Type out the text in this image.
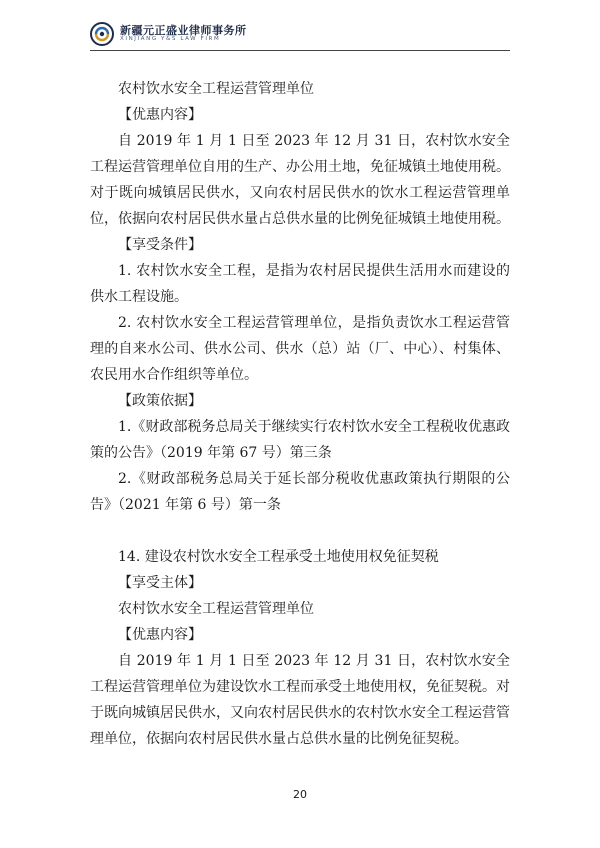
新疆元正盛业律师事务所
XINJIANG Y&S LAW FIRM

农村饮水安全工程运营管理单位

【优惠内容】

自 2019 年 1 月 1 日至 2023 年 12 月 31 日，农村饮水安全工程运营管理单位自用的生产、办公用土地，免征城镇土地使用税。对于既向城镇居民供水，又向农村居民供水的饮水工程运营管理单位，依据向农村居民供水量占总供水量的比例免征城镇土地使用税。

【享受条件】

1. 农村饮水安全工程，是指为农村居民提供生活用水而建设的供水工程设施。

2. 农村饮水安全工程运营管理单位，是指负责饮水工程运营管理的自来水公司、供水公司、供水（总）站（厂、中心）、村集体、农民用水合作组织等单位。

【政策依据】

1.《财政部税务总局关于继续实行农村饮水安全工程税收优惠政策的公告》（2019 年第 67 号）第三条

2.《财政部税务总局关于延长部分税收优惠政策执行期限的公告》（2021 年第 6 号）第一条

14. 建设农村饮水安全工程承受土地使用权免征契税

【享受主体】

农村饮水安全工程运营管理单位

【优惠内容】

自 2019 年 1 月 1 日至 2023 年 12 月 31 日，农村饮水安全工程运营管理单位为建设饮水工程而承受土地使用权，免征契税。对于既向城镇居民供水，又向农村居民供水的农村饮水安全工程运营管理单位，依据向农村居民供水量占总供水量的比例免征契税。

20
